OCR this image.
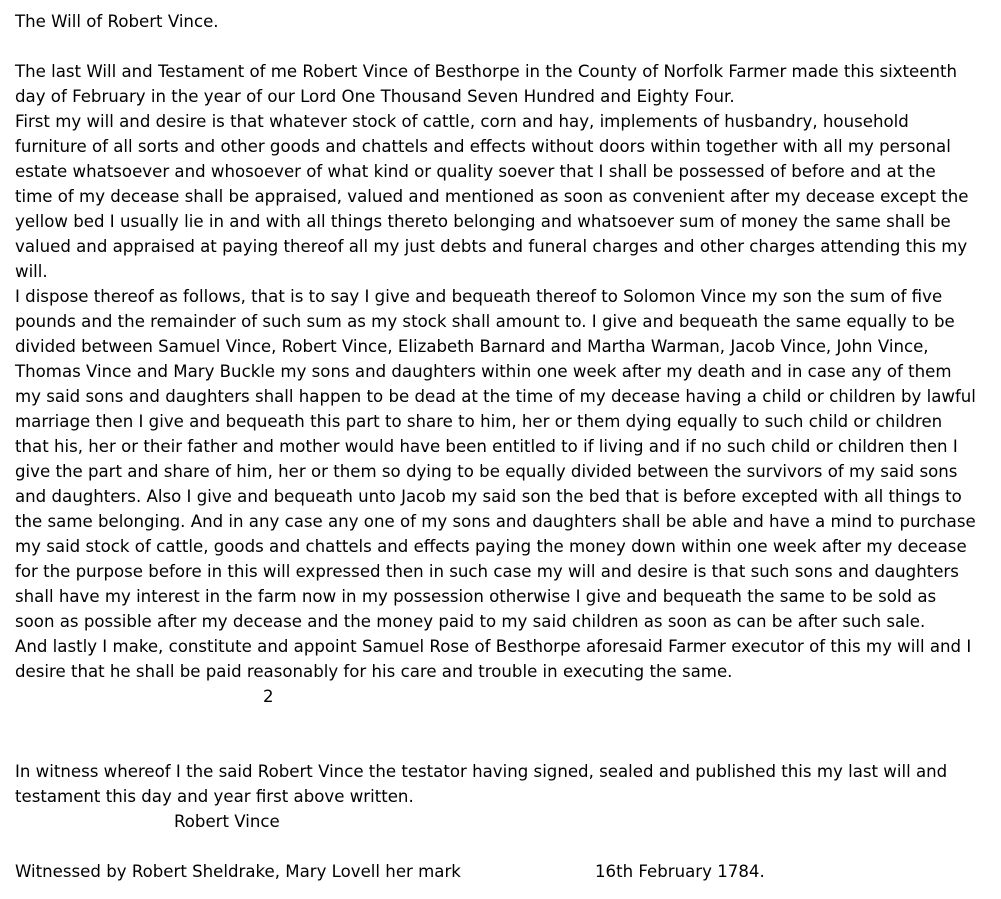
The Will of Robert Vince.
The last Will and Testament of me Robert Vince of Besthorpe in the County of Norfolk Farmer made this sixteenth
day of February in the year of our Lord One Thousand Seven Hundred and Eighty Four.
First my will and desire is that whatever stock of cattle, corn and hay, implements of husbandry, household
furniture of all sorts and other goods and chattels and effects without doors within together with all my personal
estate whatsoever and whosoever of what kind or quality soever that I shall be possessed of before and at the
time of my decease shall be appraised, valued and mentioned as soon as convenient after my decease except the
yellow bed I usually lie in and with all things thereto belonging and whatsoever sum of money the same shall be
valued and appraised at paying thereof all my just debts and funeral charges and other charges attending this my
will.
I dispose thereof as follows, that is to say I give and bequeath thereof to Solomon Vince my son the sum of five
pounds and the remainder of such sum as my stock shall amount to. I give and bequeath the same equally to be
divided between Samuel Vince, Robert Vince, Elizabeth Barnard and Martha Warman, Jacob Vince, John Vince,
Thomas Vince and Mary Buckle my sons and daughters within one week after my death and in case any of them
my said sons and daughters shall happen to be dead at the time of my decease having a child or children by lawful
marriage then I give and bequeath this part to share to him, her or them dying equally to such child or children
that his, her or their father and mother would have been entitled to if living and if no such child or children then I
give the part and share of him, her or them so dying to be equally divided between the survivors of my said sons
and daughters. Also I give and bequeath unto Jacob my said son the bed that is before excepted with all things to
the same belonging. And in any case any one of my sons and daughters shall be able and have a mind to purchase
my said stock of cattle, goods and chattels and effects paying the money down within one week after my decease
for the purpose before in this will expressed then in such case my will and desire is that such sons and daughters
shall have my interest in the farm now in my possession otherwise I give and bequeath the same to be sold as
soon as possible after my decease and the money paid to my said children as soon as can be after such sale.
And lastly I make, constitute and appoint Samuel Rose of Besthorpe aforesaid Farmer executor of this my will and I
desire that he shall be paid reasonably for his care and trouble in executing the same.
2
In witness whereof I the said Robert Vince the testator having signed, sealed and published this my last will and
testament this day and year first above written.
Robert Vince
Witnessed by Robert Sheldrake, Mary Lovell her mark	16th February 1784.
